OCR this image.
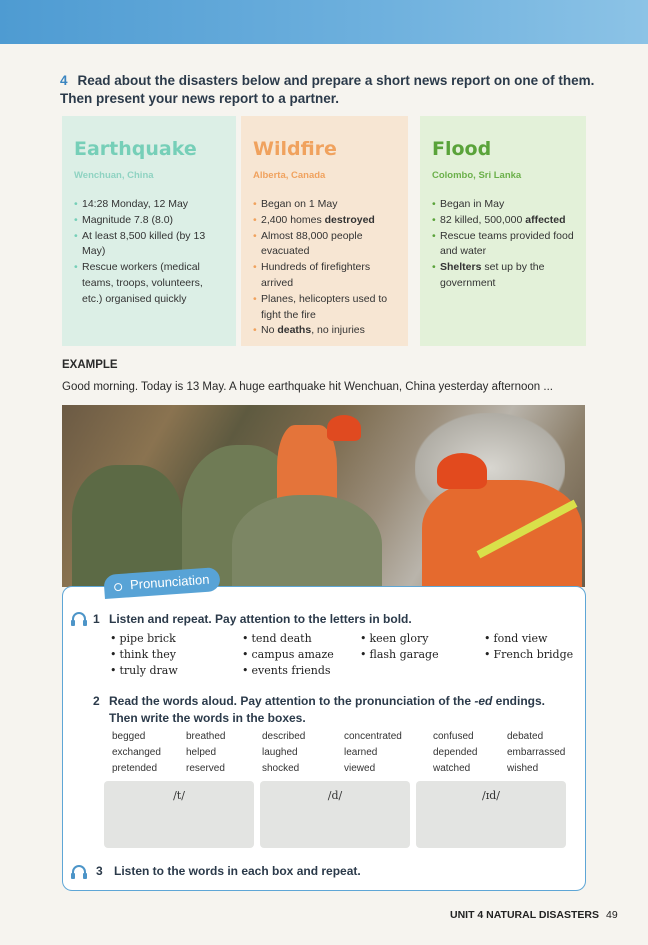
4 Read about the disasters below and prepare a short news report on one of them. Then present your news report to a partner.
Earthquake
Wenchuan, China
• 14:28 Monday, 12 May
• Magnitude 7.8 (8.0)
• At least 8,500 killed (by 13 May)
• Rescue workers (medical teams, troops, volunteers, etc.) organised quickly
Wildfire
Alberta, Canada
• Began on 1 May
• 2,400 homes destroyed
• Almost 88,000 people evacuated
• Hundreds of firefighters arrived
• Planes, helicopters used to fight the fire
• No deaths, no injuries
Flood
Colombo, Sri Lanka
• Began in May
• 82 killed, 500,000 affected
• Rescue teams provided food and water
• Shelters set up by the government
EXAMPLE
Good morning. Today is 13 May. A huge earthquake hit Wenchuan, China yesterday afternoon ...
Pronunciation
1 Listen and repeat. Pay attention to the letters in bold.
• pipe brick	• tend death	• keen glory	• fond view
• think they	• campus amaze	• flash garage	• French bridge
• truly draw	• events friends
2 Read the words aloud. Pay attention to the pronunciation of the -ed endings.
Then write the words in the boxes.
begged	breathed	described	concentrated	confused	debated
exchanged	helped	laughed	learned	depended	embarrassed
pretended	reserved	shocked	viewed	watched	wished
/t/	/d/	/ɪd/
3 Listen to the words in each box and repeat.
UNIT 4 NATURAL DISASTERS 49
